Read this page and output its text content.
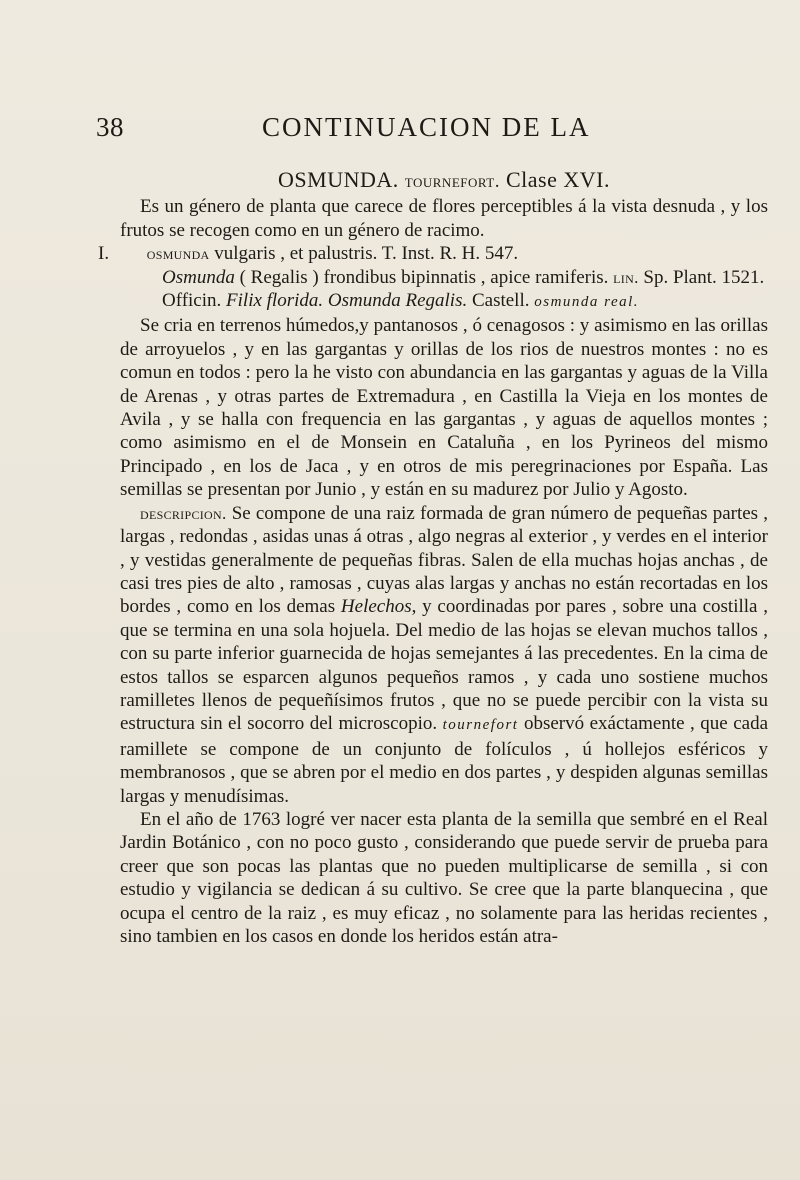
38	CONTINUACION DE LA
OSMUNDA. tournefort. Clase XVI.

Es un género de planta que carece de flores perceptibles á la vista desnuda , y los frutos se recogen como en un género de racimo.

I. osmunda vulgaris , et palustris. T. Inst. R. H. 547.
Osmunda ( Regalis ) frondibus bipinnatis , apice ramiferis. lin. Sp. Plant. 1521.
Officin. Filix florida. Osmunda Regalis. Castell. osmunda real.

Se cria en terrenos húmedos,y pantanosos , ó cenagosos : y asimismo en las orillas de arroyuelos , y en las gargantas y orillas de los rios de nuestros montes : no es comun en todos : pero la he visto con abundancia en las gargantas y aguas de la Villa de Arenas , y otras partes de Extremadura , en Castilla la Vieja en los montes de Avila , y se halla con frequencia en las gargantas , y aguas de aquellos montes ; como asimismo en el de Monsein en Cataluña , en los Pyrineos del mismo Principado , en los de Jaca , y en otros de mis peregrinaciones por España. Las semillas se presentan por Junio , y están en su madurez por Julio y Agosto.

descripcion. Se compone de una raiz formada de gran número de pequeñas partes , largas , redondas , asidas unas á otras , algo negras al exterior , y verdes en el interior , y vestidas generalmente de pequeñas fibras. Salen de ella muchas hojas anchas , de casi tres pies de alto , ramosas , cuyas alas largas y anchas no están recortadas en los bordes , como en los demas Helechos, y coordinadas por pares , sobre una costilla , que se termina en una sola hojuela. Del medio de las hojas se elevan muchos tallos , con su parte inferior guarnecida de hojas semejantes á las precedentes. En la cima de estos tallos se esparcen algunos pequeños ramos , y cada uno sostiene muchos ramilletes llenos de pequeñísimos frutos , que no se puede percibir con la vista su estructura sin el socorro del microscopio. tournefort observó exáctamente , que cada ramillete se compone de un conjunto de folículos , ú hollejos esféricos y membranosos , que se abren por el medio en dos partes , y despiden algunas semillas largas y menudísimas.

En el año de 1763 logré ver nacer esta planta de la semilla que sembré en el Real Jardin Botánico , con no poco gusto , considerando que puede servir de prueba para creer que son pocas las plantas que no pueden multiplicarse de semilla , si con estudio y vigilancia se dedican á su cultivo. Se cree que la parte blanquecina , que ocupa el centro de la raiz , es muy eficaz , no solamente para las heridas recientes , sino tambien en los casos en donde los heridos están atra-
